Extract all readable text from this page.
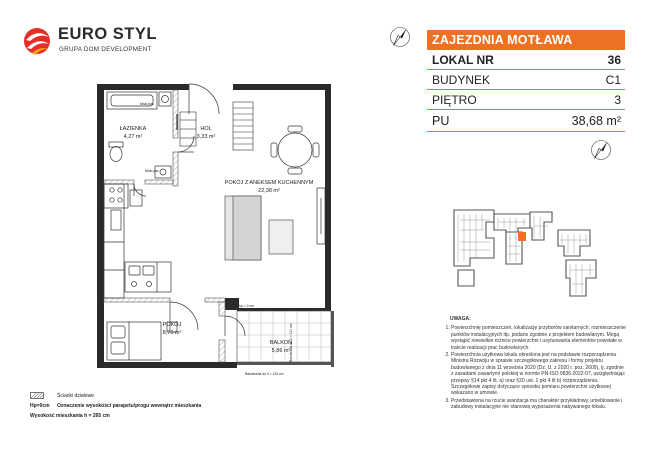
EURO STYL
GRUPA DOM DEVELOPMENT
ZAJEZDNIA MOTŁAWA
LOKAL NR	36
BUDYNEK	C1
PIĘTRO	3
PU	38,68 m²
ŁAZIENKA
4,27 m²
HOL
3,33 m²
POKÓJ Z ANEKSEM KUCHENNYM
22,38 m²
POKÓJ
8,70 m²
BALKON
5,86 m²
Niski pas
Niski pas
hp = 0 cm
Balustrada do h = 110 cm
Balustrada do h = 110 cm
UWAGA:
1. Powierzchnię pomieszczeń, lokalizację przyborów sanitarnych, rozmieszczenie punktów instalacyjnych itp. podano zgodnie z projektem budowlanym. Mogą wystąpić niewielkie różnice powierzchni i usytuowania elementów powstałe w trakcie realizacji prac budowlanych.
2. Powierzchnia użytkowa lokalu określona jest na podstawie rozporządzenia Ministra Rozwoju w sprawie szczegółowego zakresu i formy projektu budowlanego z dnia 11 września 2020 (Dz. U. z 2020 r. poz. 2609), tj. zgodnie z zasadami zawartymi polskiej w normie PN-ISO 9836:2022-07, uwzględniając przepisy §14 pkt 4 lit. a) oraz §20 ust. 1 pkt 4 lit b) rozporządzenia. Szczegółowe zapisy dotyczące sposobu pomiaru powierzchni użytkowej wskazano w umowie.
3. Przedstawiona na rzucie aranżacja ma charakter przykładowy, umeblowanie i zabudowy instalacyjne nie stanowią wyposażenia nabywanego lokalu.
Ścianki działowe
Hp=0cm Oznaczenie wysokości parapetu/progu wewnątrz mieszkania
Wysokość mieszkania h = 265 cm
